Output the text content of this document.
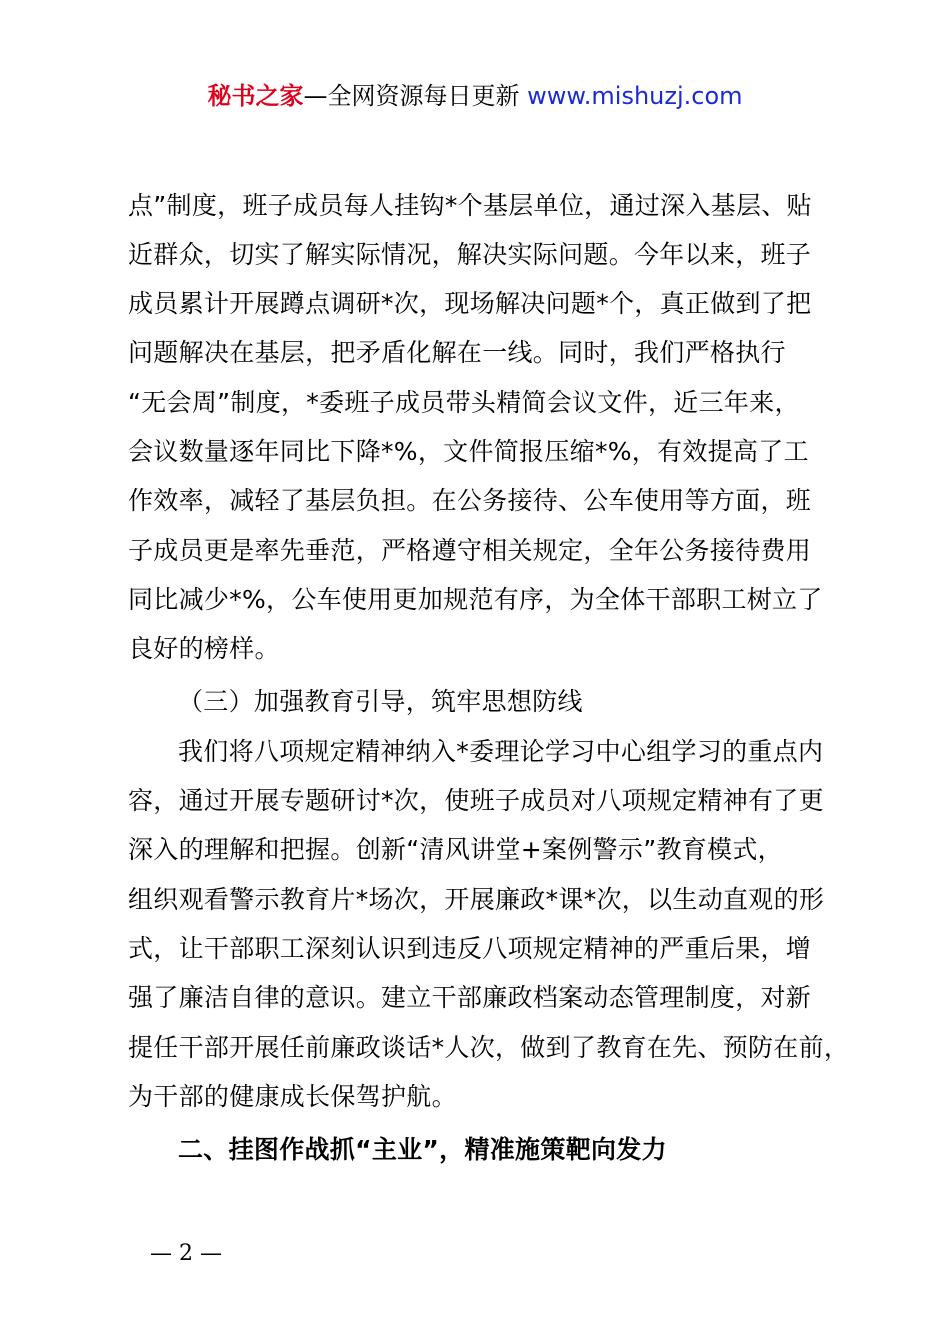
秘书之家—全网资源每日更新 www.mishuzj.com
点”制度，班子成员每人挂钩*个基层单位，通过深入基层、贴
近群众，切实了解实际情况，解决实际问题。今年以来，班子
成员累计开展蹲点调研*次，现场解决问题*个，真正做到了把
问题解决在基层，把矛盾化解在一线。同时，我们严格执行
“无会周”制度，*委班子成员带头精简会议文件，近三年来，
会议数量逐年同比下降*%，文件简报压缩*%，有效提高了工
作效率，减轻了基层负担。在公务接待、公车使用等方面，班
子成员更是率先垂范，严格遵守相关规定，全年公务接待费用
同比减少*%，公车使用更加规范有序，为全体干部职工树立了
良好的榜样。
（三）加强教育引导，筑牢思想防线
我们将八项规定精神纳入*委理论学习中心组学习的重点内
容，通过开展专题研讨*次，使班子成员对八项规定精神有了更
深入的理解和把握。创新“清风讲堂+案例警示”教育模式，
组织观看警示教育片*场次，开展廉政*课*次，以生动直观的形
式，让干部职工深刻认识到违反八项规定精神的严重后果，增
强了廉洁自律的意识。建立干部廉政档案动态管理制度，对新
提任干部开展任前廉政谈话*人次，做到了教育在先、预防在前，
为干部的健康成长保驾护航。
二、挂图作战抓“主业”，精准施策靶向发力
— 2 —
